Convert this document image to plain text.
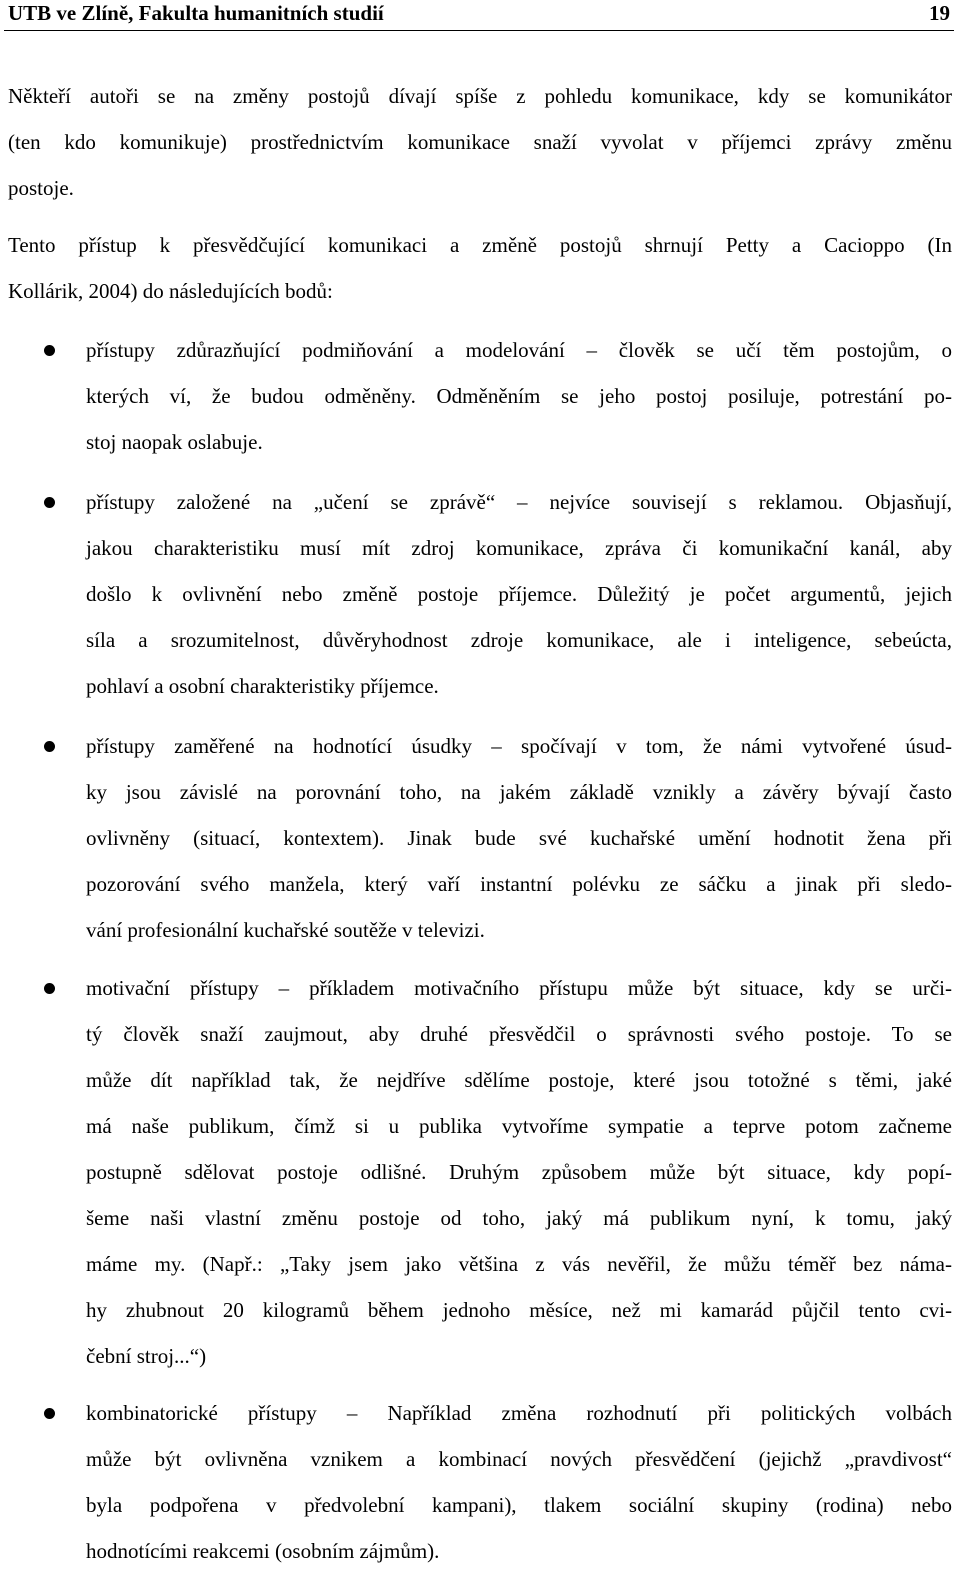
UTB ve Zlíně, Fakulta humanitních studií	19
Někteří autoři se na změny postojů dívají spíše z pohledu komunikace, kdy se komunikátor
(ten kdo komunikuje) prostřednictvím komunikace snaží vyvolat v příjemci zprávy změnu
postoje.
Tento přístup k přesvědčující komunikaci a změně postojů shrnují Petty a Cacioppo (In
Kollárik, 2004) do následujících bodů:
přístupy zdůrazňující podmiňování a modelování – člověk se učí těm postojům, o
kterých ví, že budou odměněny. Odměněním se jeho postoj posiluje, potrestání po-
stoj naopak oslabuje.
přístupy založené na „učení se zprávě“ – nejvíce souvisejí s reklamou. Objasňují,
jakou charakteristiku musí mít zdroj komunikace, zpráva či komunikační kanál, aby
došlo k ovlivnění nebo změně postoje příjemce. Důležitý je počet argumentů, jejich
síla a srozumitelnost, důvěryhodnost zdroje komunikace, ale i inteligence, sebeúcta,
pohlaví a osobní charakteristiky příjemce.
přístupy zaměřené na hodnotící úsudky – spočívají v tom, že námi vytvořené úsud-
ky jsou závislé na porovnání toho, na jakém základě vznikly a závěry bývají často
ovlivněny (situací, kontextem). Jinak bude své kuchařské umění hodnotit žena při
pozorování svého manžela, který vaří instantní polévku ze sáčku a jinak při sledo-
vání profesionální kuchařské soutěže v televizi.
motivační přístupy – příkladem motivačního přístupu může být situace, kdy se urči-
tý člověk snaží zaujmout, aby druhé přesvědčil o správnosti svého postoje. To se
může dít například tak, že nejdříve sdělíme postoje, které jsou totožné s těmi, jaké
má naše publikum, čímž si u publika vytvoříme sympatie a teprve potom začneme
postupně sdělovat postoje odlišné. Druhým způsobem může být situace, kdy popí-
šeme naši vlastní změnu postoje od toho, jaký má publikum nyní, k tomu, jaký
máme my. (Např.: „Taky jsem jako většina z vás nevěřil, že můžu téměř bez náma-
hy zhubnout 20 kilogramů během jednoho měsíce, než mi kamarád půjčil tento cvi-
čební stroj...“)
kombinatorické přístupy – Například změna rozhodnutí při politických volbách
může být ovlivněna vznikem a kombinací nových přesvědčení (jejichž „pravdivost“
byla podpořena v předvolební kampani), tlakem sociální skupiny (rodina) nebo
hodnotícími reakcemi (osobním zájmům).
